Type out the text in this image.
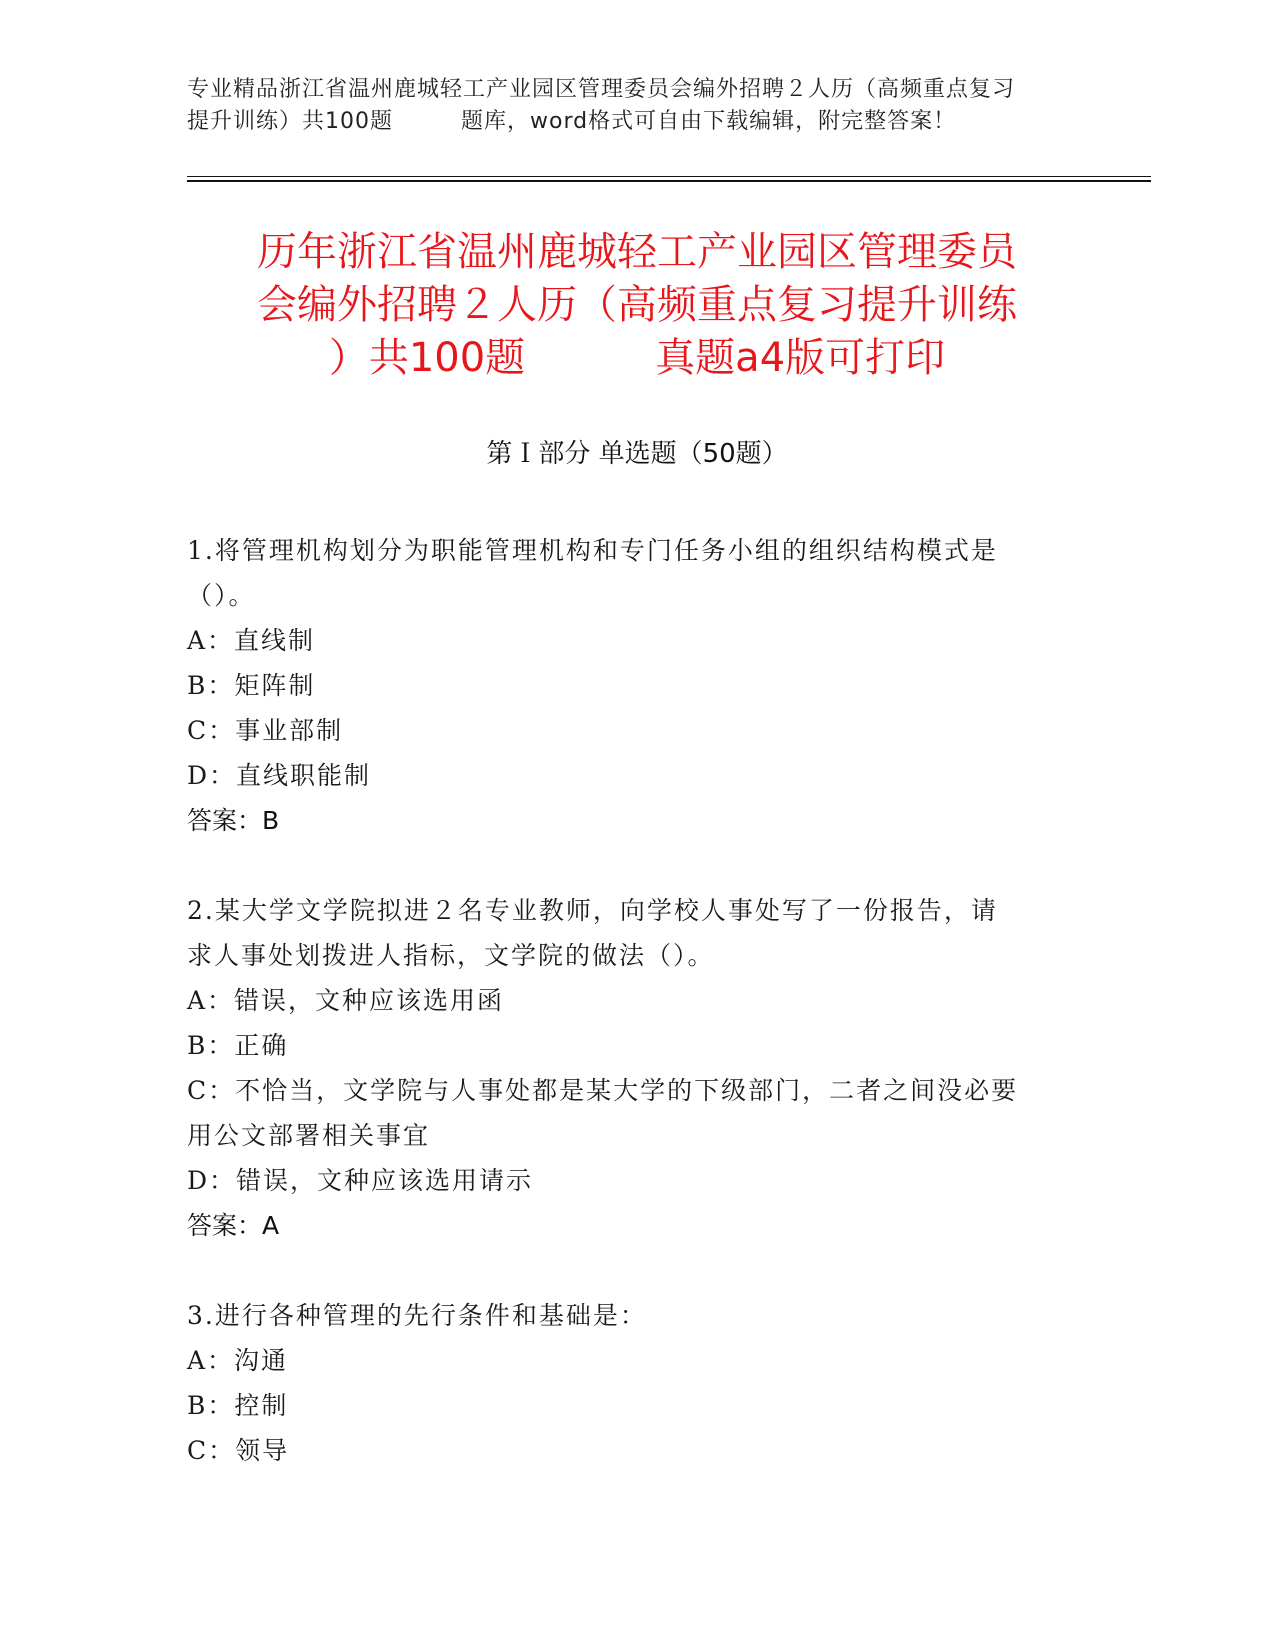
专业精品浙江省温州鹿城轻工产业园区管理委员会编外招聘２人历（高频重点复习
提升训练）共100题	题库，word格式可自由下载编辑，附完整答案！
历年浙江省温州鹿城轻工产业园区管理委员
会编外招聘２人历（高频重点复习提升训练
）共100题	真题a4版可打印
第Ｉ部分 单选题（50题）

1.将管理机构划分为职能管理机构和专门任务小组的组织结构模式是
（）。

A：直线制

B：矩阵制

C：事业部制

D：直线职能制

答案：B

2.某大学文学院拟进２名专业教师，向学校人事处写了一份报告，请
求人事处划拨进人指标，文学院的做法（）。

A：错误，文种应该选用函

B：正确

C：不恰当，文学院与人事处都是某大学的下级部门，二者之间没必要

用公文部署相关事宜

D：错误，文种应该选用请示

答案：A

3.进行各种管理的先行条件和基础是：

A：沟通

B：控制

C：领导
